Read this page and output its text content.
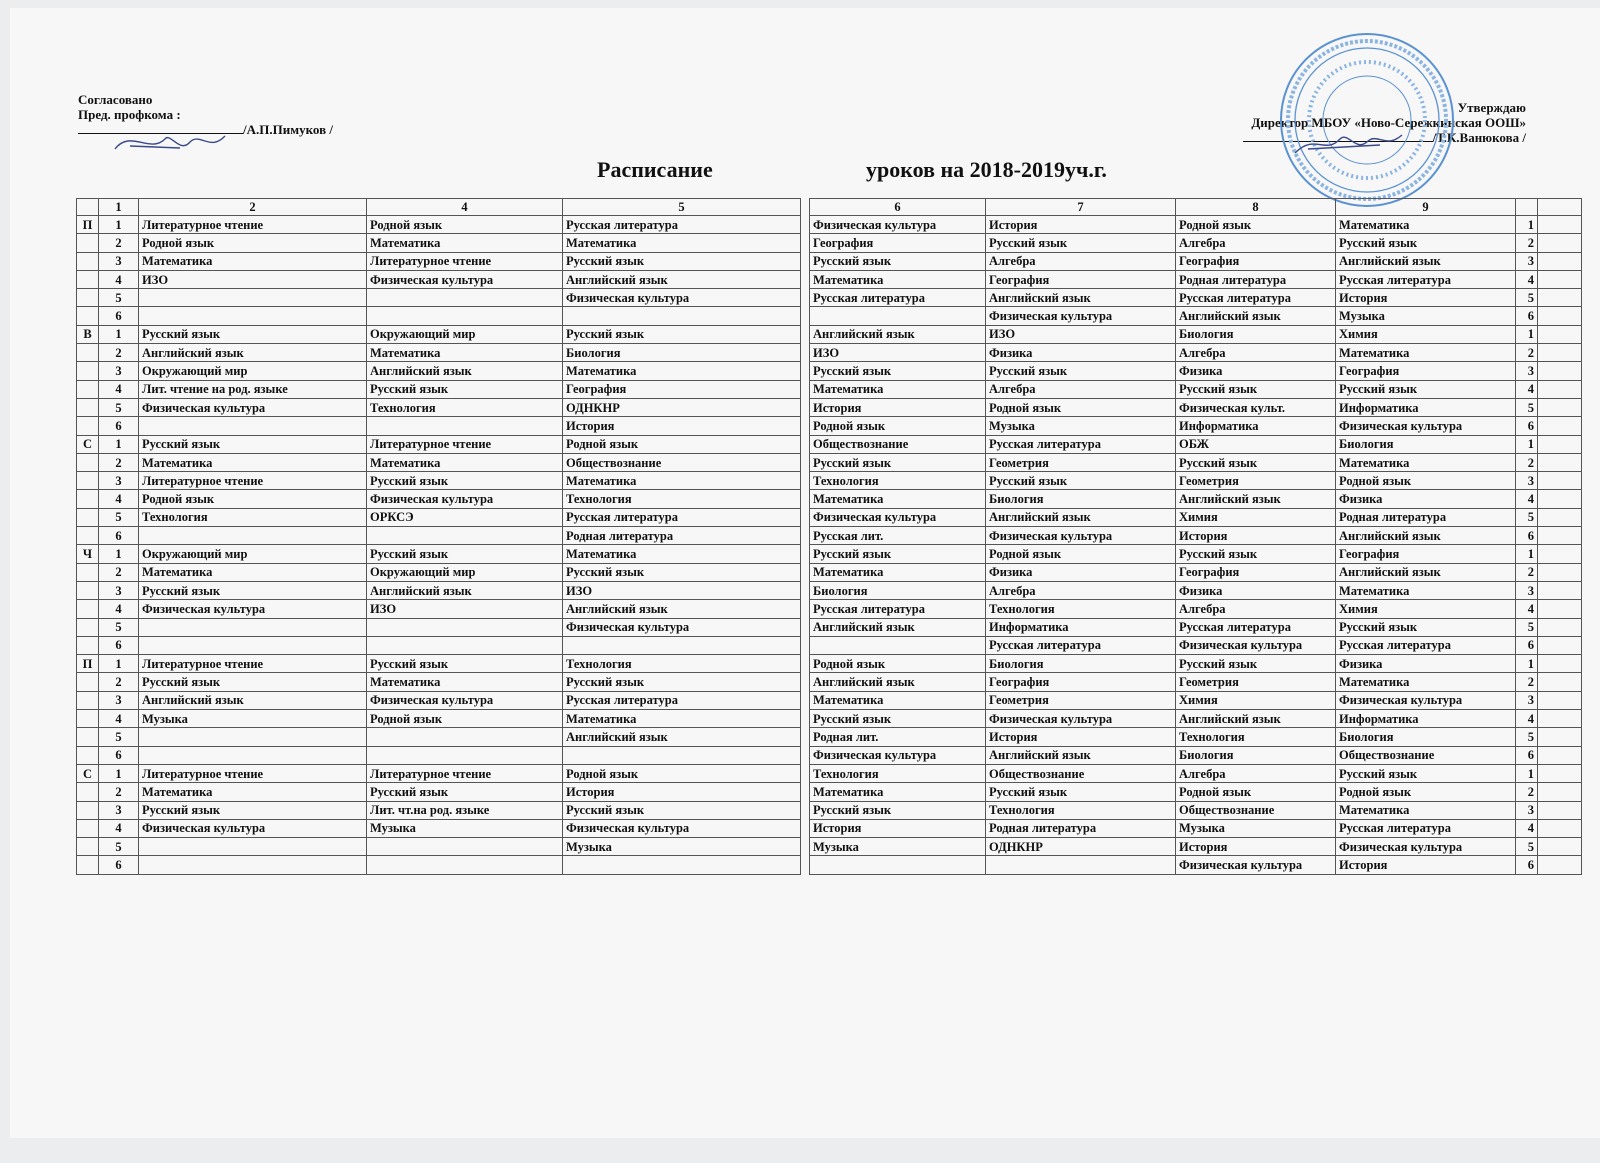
Согласовано
Пред. профкома :
/А.П.Пимуков /
Утверждаю
Директор МБОУ «Ново-Сережкинская ООШ»
/Т.К.Ванюкова /
Расписание	уроков на 2018-2019уч.г.
	1	2	4	5
П	1	Литературное чтение	Родной язык	Русская литература
	2	Родной язык	Математика	Математика
	3	Математика	Литературное чтение	Русский язык
	4	ИЗО	Физическая культура	Английский язык
	5			Физическая культура
	6			
В	1	Русский язык	Окружающий мир	Русский язык
	2	Английский язык	Математика	Биология
	3	Окружающий мир	Английский язык	Математика
	4	Лит. чтение на род. языке	Русский язык	География
	5	Физическая культура	Технология	ОДНКНР
	6			История
С	1	Русский язык	Литературное чтение	Родной язык
	2	Математика	Математика	Обществознание
	3	Литературное чтение	Русский язык	Математика
	4	Родной язык	Физическая культура	Технология
	5	Технология	ОРКСЭ	Русская литература
	6			Родная литература
Ч	1	Окружающий мир	Русский язык	Математика
	2	Математика	Окружающий мир	Русский язык
	3	Русский язык	Английский язык	ИЗО
	4	Физическая культура	ИЗО	Английский язык
	5			Физическая культура
	6			
П	1	Литературное чтение	Русский язык	Технология
	2	Русский язык	Математика	Русский язык
	3	Английский язык	Физическая культура	Русская литература
	4	Музыка	Родной язык	Математика
	5			Английский язык
	6			
С	1	Литературное чтение	Литературное чтение	Родной язык
	2	Математика	Русский язык	История
	3	Русский язык	Лит. чт.на род. языке	Русский язык
	4	Физическая культура	Музыка	Физическая культура
	5			Музыка
	6			
6	7	8	9		
Физическая культура	История	Родной язык	Математика	1	
География	Русский язык	Алгебра	Русский язык	2	
Русский язык	Алгебра	География	Английский язык	3	
Математика	География	Родная литература	Русская литература	4	
Русская литература	Английский язык	Русская литература	История	5	
	Физическая культура	Английский язык	Музыка	6	
Английский язык	ИЗО	Биология	Химия	1	
ИЗО	Физика	Алгебра	Математика	2	
Русский язык	Русский язык	Физика	География	3	
Математика	Алгебра	Русский язык	Русский язык	4	
История	Родной язык	Физическая культ.	Информатика	5	
Родной язык	Музыка	Информатика	Физическая культура	6	
Обществознание	Русская литература	ОБЖ	Биология	1	
Русский язык	Геометрия	Русский язык	Математика	2	
Технология	Русский язык	Геометрия	Родной язык	3	
Математика	Биология	Английский язык	Физика	4	
Физическая культура	Английский язык	Химия	Родная литература	5	
Русская лит.	Физическая культура	История	Английский язык	6	
Русский язык	Родной язык	Русский язык	География	1	
Математика	Физика	География	Английский язык	2	
Биология	Алгебра	Физика	Математика	3	
Русская литература	Технология	Алгебра	Химия	4	
Английский язык	Информатика	Русская литература	Русский язык	5	
	Русская литература	Физическая культура	Русская литература	6	
Родной язык	Биология	Русский язык	Физика	1	
Английский язык	География	Геометрия	Математика	2	
Математика	Геометрия	Химия	Физическая культура	3	
Русский язык	Физическая культура	Английский язык	Информатика	4	
Родная лит.	История	Технология	Биология	5	
Физическая культура	Английский язык	Биология	Обществознание	6	
Технология	Обществознание	Алгебра	Русский язык	1	
Математика	Русский язык	Родной язык	Родной язык	2	
Русский язык	Технология	Обществознание	Математика	3	
История	Родная литература	Музыка	Русская литература	4	
Музыка	ОДНКНР	История	Физическая культура	5	
		Физическая культура	История	6	
